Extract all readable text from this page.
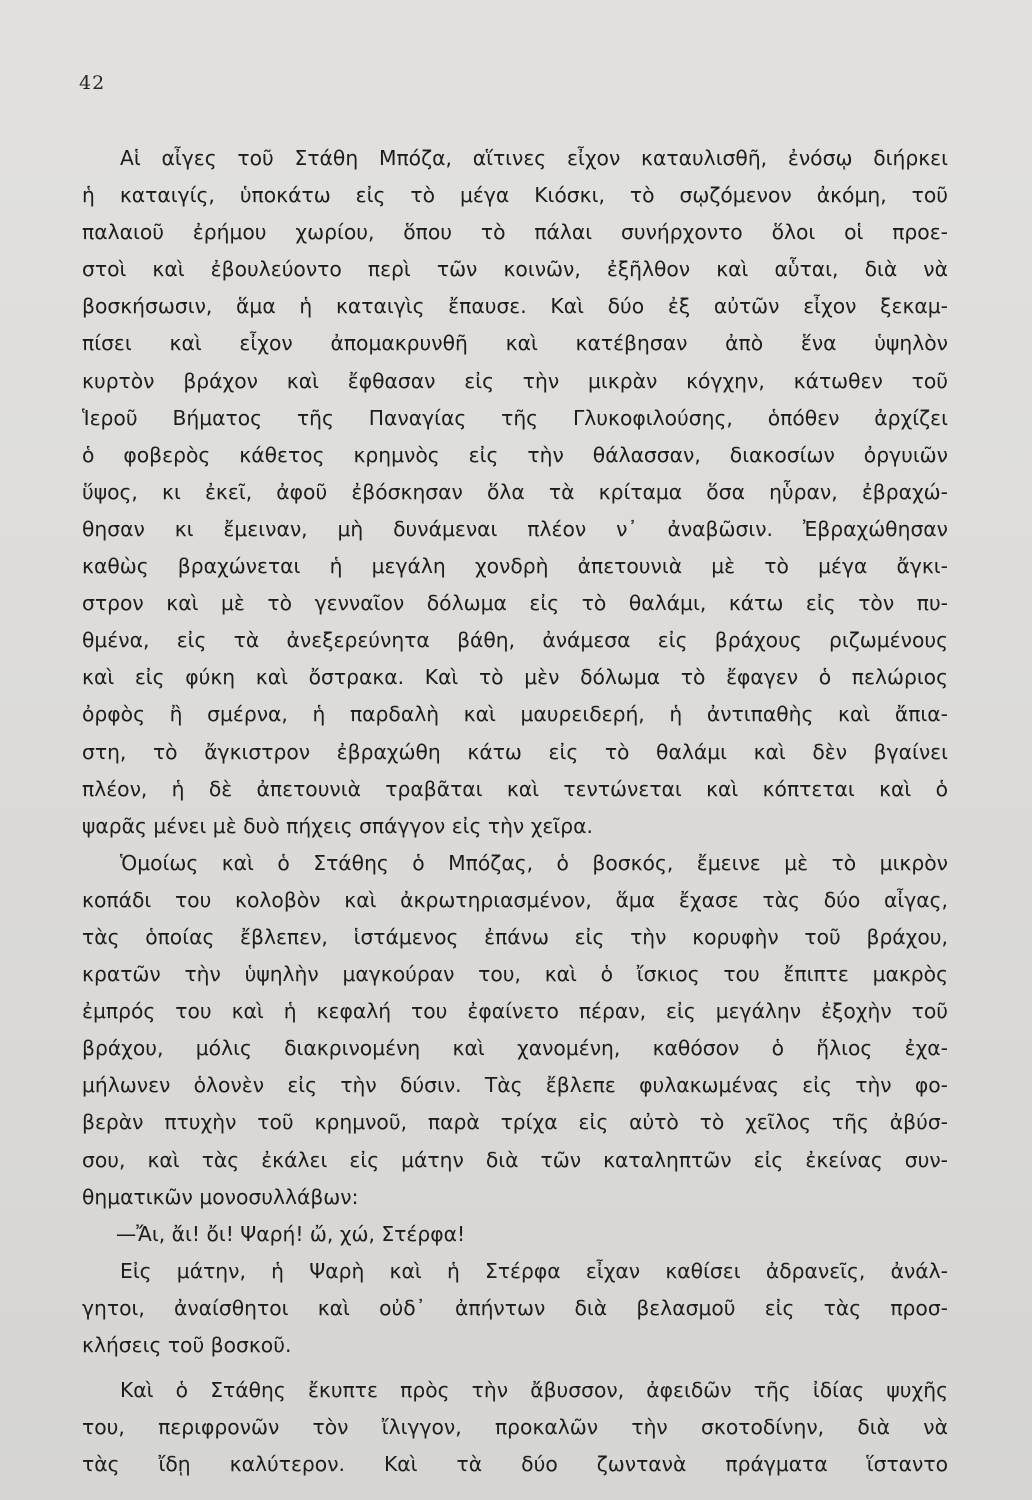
42
Αἱ αἶγες τοῦ Στάθη Μπόζα, αἵτινες εἶχον καταυλισθῆ, ἐνόσῳ διήρκει
ἡ καταιγίς, ὑποκάτω εἰς τὸ μέγα Κιόσκι, τὸ σῳζόμενον ἀκόμη, τοῦ
παλαιοῦ ἐρήμου χωρίου, ὅπου τὸ πάλαι συνήρχοντο ὅλοι οἱ προε-
στοὶ καὶ ἐβουλεύοντο περὶ τῶν κοινῶν, ἐξῆλθον καὶ αὗται, διὰ νὰ
βοσκήσωσιν, ἅμα ἡ καταιγὶς ἔπαυσε. Καὶ δύο ἐξ αὐτῶν εἶχον ξεκαμ-
πίσει καὶ εἶχον ἀπομακρυνθῆ καὶ κατέβησαν ἀπὸ ἕνα ὑψηλὸν
κυρτὸν βράχον καὶ ἔφθασαν εἰς τὴν μικρὰν κόγχην, κάτωθεν τοῦ
Ἱεροῦ Βήματος τῆς Παναγίας τῆς Γλυκοφιλούσης, ὁπόθεν ἀρχίζει
ὁ φοβερὸς κάθετος κρημνὸς εἰς τὴν θάλασσαν, διακοσίων ὀργυιῶν
ὕψος, κι ἐκεῖ, ἀφοῦ ἐβόσκησαν ὅλα τὰ κρίταμα ὅσα ηὗραν, ἐβραχώ-
θησαν κι ἔμειναν, μὴ δυνάμεναι πλέον ν᾽ ἀναβῶσιν. Ἐβραχώθησαν
καθὼς βραχώνεται ἡ μεγάλη χονδρὴ ἀπετουνιὰ μὲ τὸ μέγα ἄγκι-
στρον καὶ μὲ τὸ γενναῖον δόλωμα εἰς τὸ θαλάμι, κάτω εἰς τὸν πυ-
θμένα, εἰς τὰ ἀνεξερεύνητα βάθη, ἀνάμεσα εἰς βράχους ριζωμένους
καὶ εἰς φύκη καὶ ὄστρακα. Καὶ τὸ μὲν δόλωμα τὸ ἔφαγεν ὁ πελώριος
ὀρφὸς ἢ σμέρνα, ἡ παρδαλὴ καὶ μαυρειδερή, ἡ ἀντιπαθὴς καὶ ἄπια-
στη, τὸ ἄγκιστρον ἐβραχώθη κάτω εἰς τὸ θαλάμι καὶ δὲν βγαίνει
πλέον, ἡ δὲ ἀπετουνιὰ τραβᾶται καὶ τεντώνεται καὶ κόπτεται καὶ ὁ
ψαρᾶς μένει μὲ δυὸ πήχεις σπάγγον εἰς τὴν χεῖρα.
Ὁμοίως καὶ ὁ Στάθης ὁ Μπόζας, ὁ βοσκός, ἔμεινε μὲ τὸ μικρὸν
κοπάδι του κολοβὸν καὶ ἀκρωτηριασμένον, ἅμα ἔχασε τὰς δύο αἶγας,
τὰς ὁποίας ἔβλεπεν, ἱστάμενος ἐπάνω εἰς τὴν κορυφὴν τοῦ βράχου,
κρατῶν τὴν ὑψηλὴν μαγκούραν του, καὶ ὁ ἴσκιος του ἔπιπτε μακρὸς
ἐμπρός του καὶ ἡ κεφαλή του ἐφαίνετο πέραν, εἰς μεγάλην ἐξοχὴν τοῦ
βράχου, μόλις διακρινομένη καὶ χανομένη, καθόσον ὁ ἥλιος ἐχα-
μήλωνεν ὁλονὲν εἰς τὴν δύσιν. Τὰς ἔβλεπε φυλακωμένας εἰς τὴν φο-
βερὰν πτυχὴν τοῦ κρημνοῦ, παρὰ τρίχα εἰς αὐτὸ τὸ χεῖλος τῆς ἀβύσ-
σου, καὶ τὰς ἐκάλει εἰς μάτην διὰ τῶν καταληπτῶν εἰς ἐκείνας συν-
θηματικῶν μονοσυλλάβων:
—Ἄι, ἄι! ὄι! Ψαρή! ὤ, χώ, Στέρφα!
Εἰς μάτην, ἡ Ψαρὴ καὶ ἡ Στέρφα εἶχαν καθίσει ἀδρανεῖς, ἀνάλ-
γητοι, ἀναίσθητοι καὶ οὐδ᾽ ἀπήντων διὰ βελασμοῦ εἰς τὰς προσ-
κλήσεις τοῦ βοσκοῦ.
Καὶ ὁ Στάθης ἔκυπτε πρὸς τὴν ἄβυσσον, ἀφειδῶν τῆς ἰδίας ψυχῆς
του, περιφρονῶν τὸν ἴλιγγον, προκαλῶν τὴν σκοτοδίνην, διὰ νὰ
τὰς ἴδῃ καλύτερον. Καὶ τὰ δύο ζωντανὰ πράγματα ἵσταντο
